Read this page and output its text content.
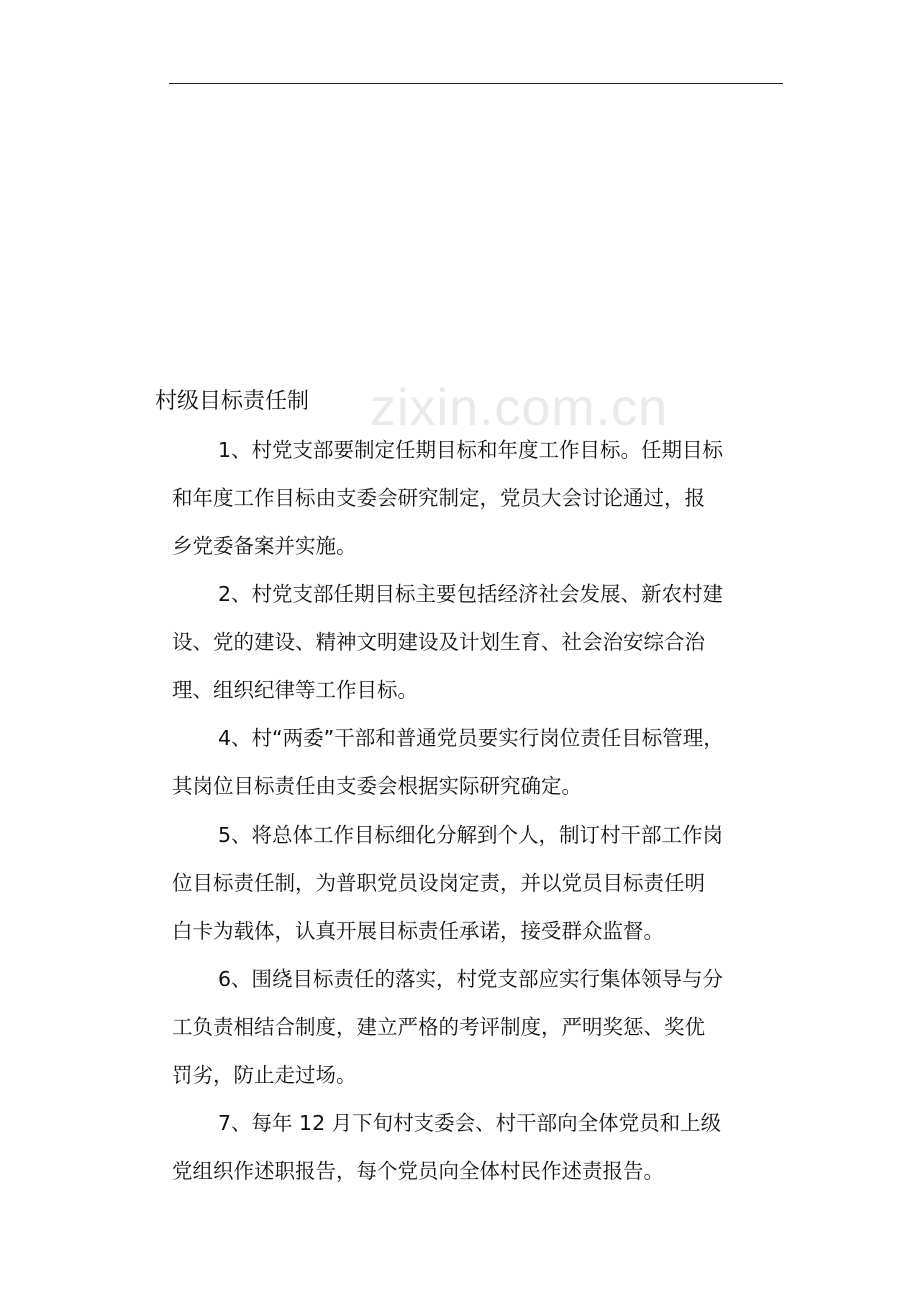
zixin.com.cn
村级目标责任制
1、村党支部要制定任期目标和年度工作目标。任期目标
和年度工作目标由支委会研究制定，党员大会讨论通过，报
乡党委备案并实施。
2、村党支部任期目标主要包括经济社会发展、新农村建
设、党的建设、精神文明建设及计划生育、社会治安综合治
理、组织纪律等工作目标。
4、村“两委”干部和普通党员要实行岗位责任目标管理，
其岗位目标责任由支委会根据实际研究确定。
5、将总体工作目标细化分解到个人，制订村干部工作岗
位目标责任制，为普职党员设岗定责，并以党员目标责任明
白卡为载体，认真开展目标责任承诺，接受群众监督。
6、围绕目标责任的落实，村党支部应实行集体领导与分
工负责相结合制度，建立严格的考评制度，严明奖惩、奖优
罚劣，防止走过场。
7、每年 12 月下旬村支委会、村干部向全体党员和上级
党组织作述职报告，每个党员向全体村民作述责报告。
